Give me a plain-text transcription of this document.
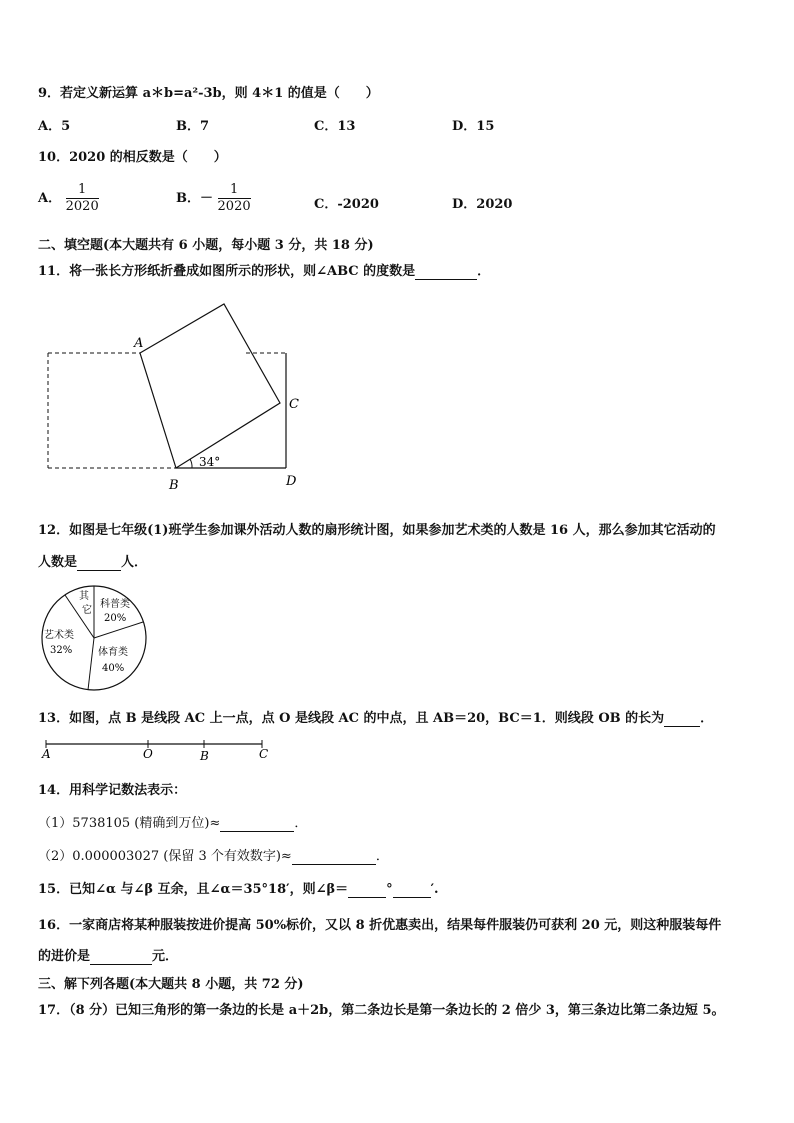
9．若定义新运算 a＊b=a²-3b，则 4＊1 的值是（　　）
A．5	B．7	C．13	D．15
10．2020 的相反数是（　　）
A． $\frac{1}{2020}$	B．－ $\frac{1}{2020}$	C．-2020	D．2020
二、填空题(本大题共有 6 小题，每小题 3 分，共 18 分)
11．将一张长方形纸折叠成如图所示的形状，则∠ABC 的度数是	．
34°
A
B
C
D
12．如图是七年级(1)班学生参加课外活动人数的扇形统计图，如果参加艺术类的人数是 16 人，那么参加其它活动的
人数是	人．
其
它
科普类
20%
艺术类
32%	体育类
40%
13．如图，点 B 是线段 AC 上一点，点 O 是线段 AC 的中点，且 AB＝20，BC＝1．则线段 OB 的长为	．
A	O	B	C
14．用科学记数法表示：
（1）5738105 (精确到万位)≈	．
（2）0.000003027 (保留 3 个有效数字)≈	．
15．已知∠α 与∠β 互余，且∠α＝35°18′，则∠β＝	°	′.
16．一家商店将某种服装按进价提高 50%标价，又以 8 折优惠卖出，结果每件服装仍可获利 20 元，则这种服装每件
的进价是	元．
三、解下列各题(本大题共 8 小题，共 72 分)
17．（8 分）已知三角形的第一条边的长是 a＋2b，第二条边长是第一条边长的 2 倍少 3，第三条边比第二条边短 5。
